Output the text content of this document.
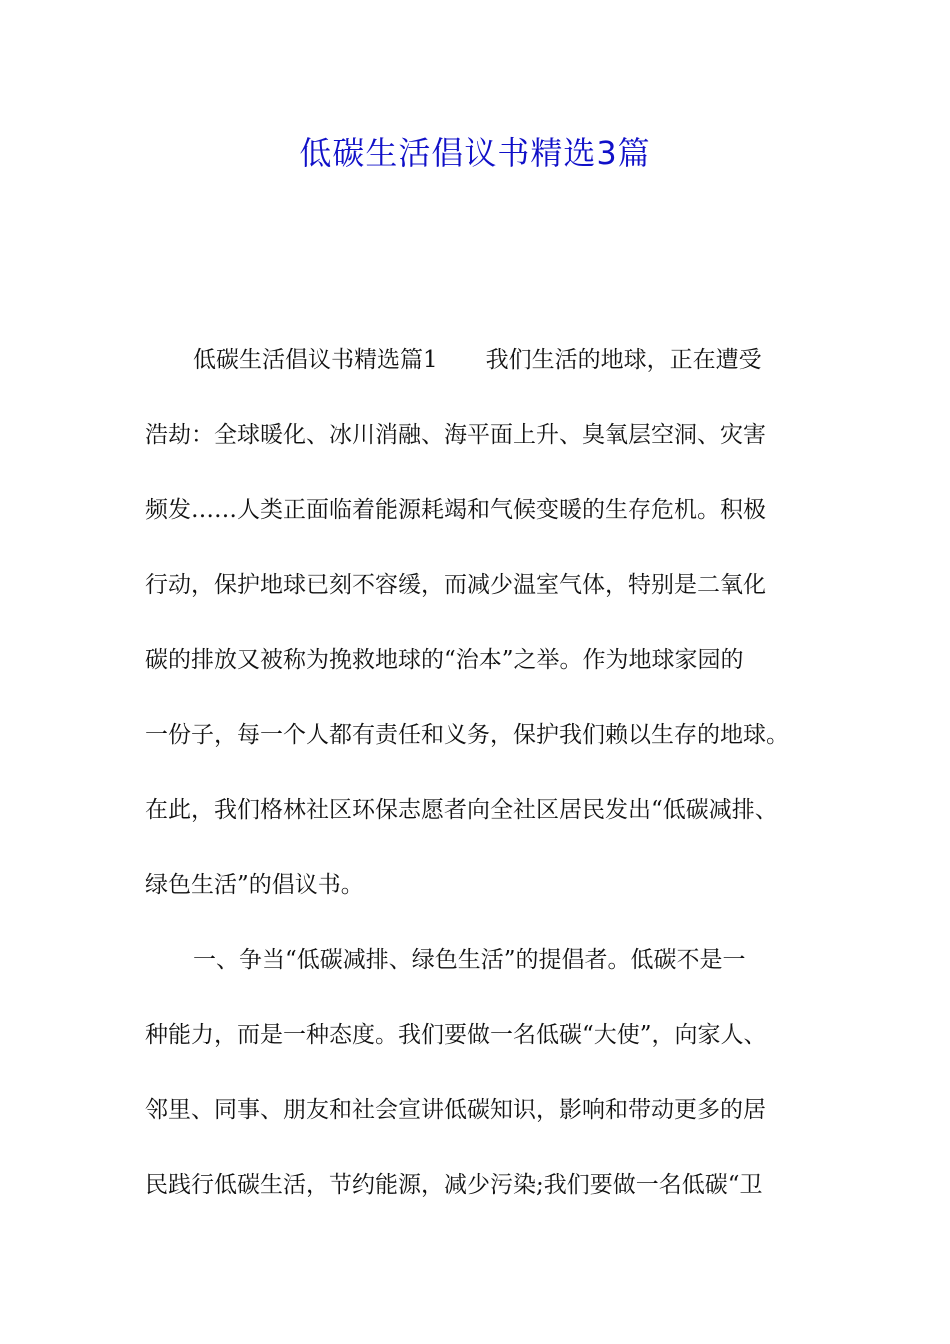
低碳生活倡议书精选3篇
低碳生活倡议书精选篇1 我们生活的地球，正在遭受
浩劫：全球暖化、冰川消融、海平面上升、臭氧层空洞、灾害
频发……人类正面临着能源耗竭和气候变暖的生存危机。积极
行动，保护地球已刻不容缓，而减少温室气体，特别是二氧化
碳的排放又被称为挽救地球的“治本”之举。作为地球家园的
一份子，每一个人都有责任和义务，保护我们赖以生存的地球。
在此，我们格林社区环保志愿者向全社区居民发出“低碳减排、
绿色生活”的倡议书。
一、争当“低碳减排、绿色生活”的提倡者。低碳不是一
种能力，而是一种态度。我们要做一名低碳“大使”，向家人、
邻里、同事、朋友和社会宣讲低碳知识，影响和带动更多的居
民践行低碳生活，节约能源，减少污染;我们要做一名低碳“卫
